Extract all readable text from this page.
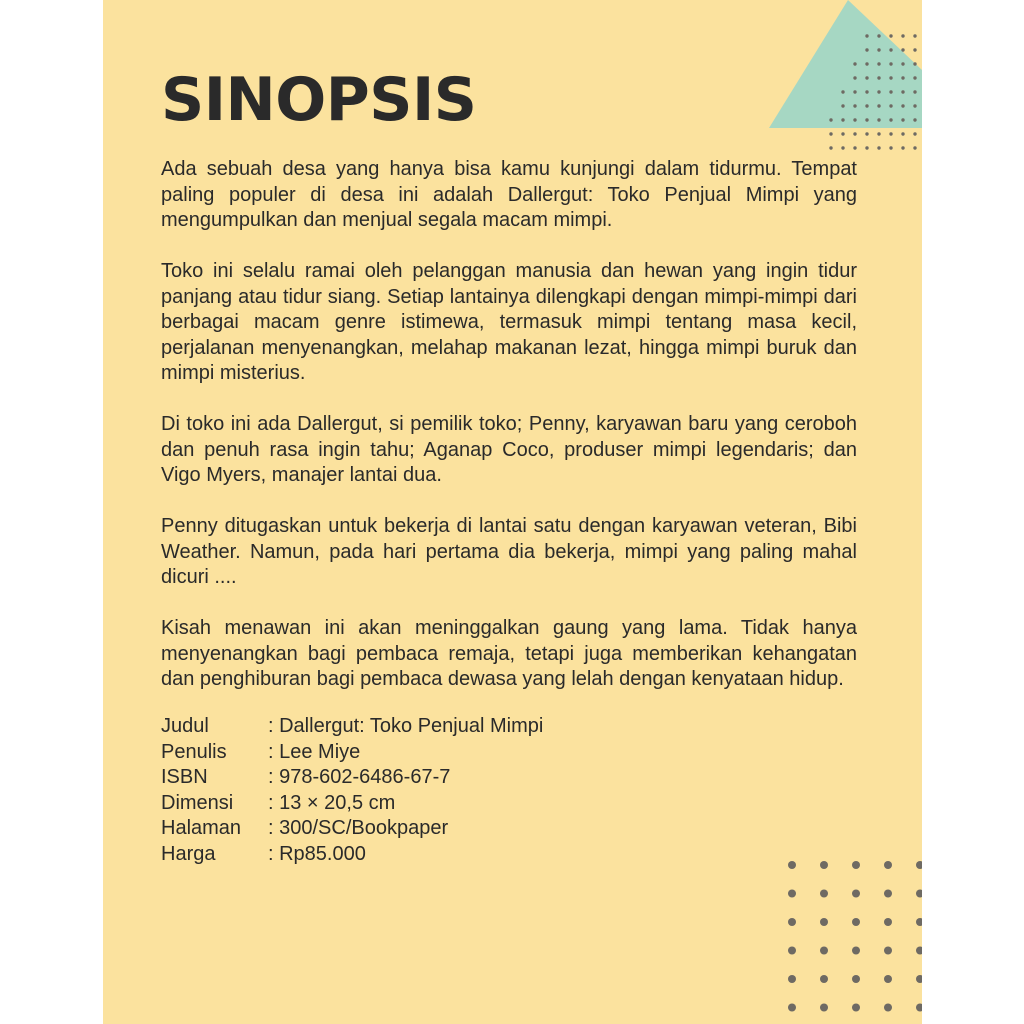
SINOPSIS

Ada sebuah desa yang hanya bisa kamu kunjungi dalam tidurmu. Tempat paling populer di desa ini adalah Dallergut: Toko Penjual Mimpi yang mengumpulkan dan menjual segala macam mimpi.

Toko ini selalu ramai oleh pelanggan manusia dan hewan yang ingin tidur panjang atau tidur siang. Setiap lantainya dilengkapi dengan mimpi-mimpi dari berbagai macam genre istimewa, termasuk mimpi tentang masa kecil, perjalanan menyenangkan, melahap makanan lezat, hingga mimpi buruk dan mimpi misterius.

Di toko ini ada Dallergut, si pemilik toko; Penny, karyawan baru yang ceroboh dan penuh rasa ingin tahu; Aganap Coco, produser mimpi legendaris; dan Vigo Myers, manajer lantai dua.

Penny ditugaskan untuk bekerja di lantai satu dengan karyawan veteran, Bibi Weather. Namun, pada hari pertama dia bekerja, mimpi yang paling mahal dicuri ....

Kisah menawan ini akan meninggalkan gaung yang lama. Tidak hanya menyenangkan bagi pembaca remaja, tetapi juga memberikan kehangatan dan penghiburan bagi pembaca dewasa yang lelah dengan kenyataan hidup.

Judul	: Dallergut: Toko Penjual Mimpi
Penulis	: Lee Miye
ISBN	: 978-602-6486-67-7
Dimensi	: 13 × 20,5 cm
Halaman	: 300/SC/Bookpaper
Harga	: Rp85.000
